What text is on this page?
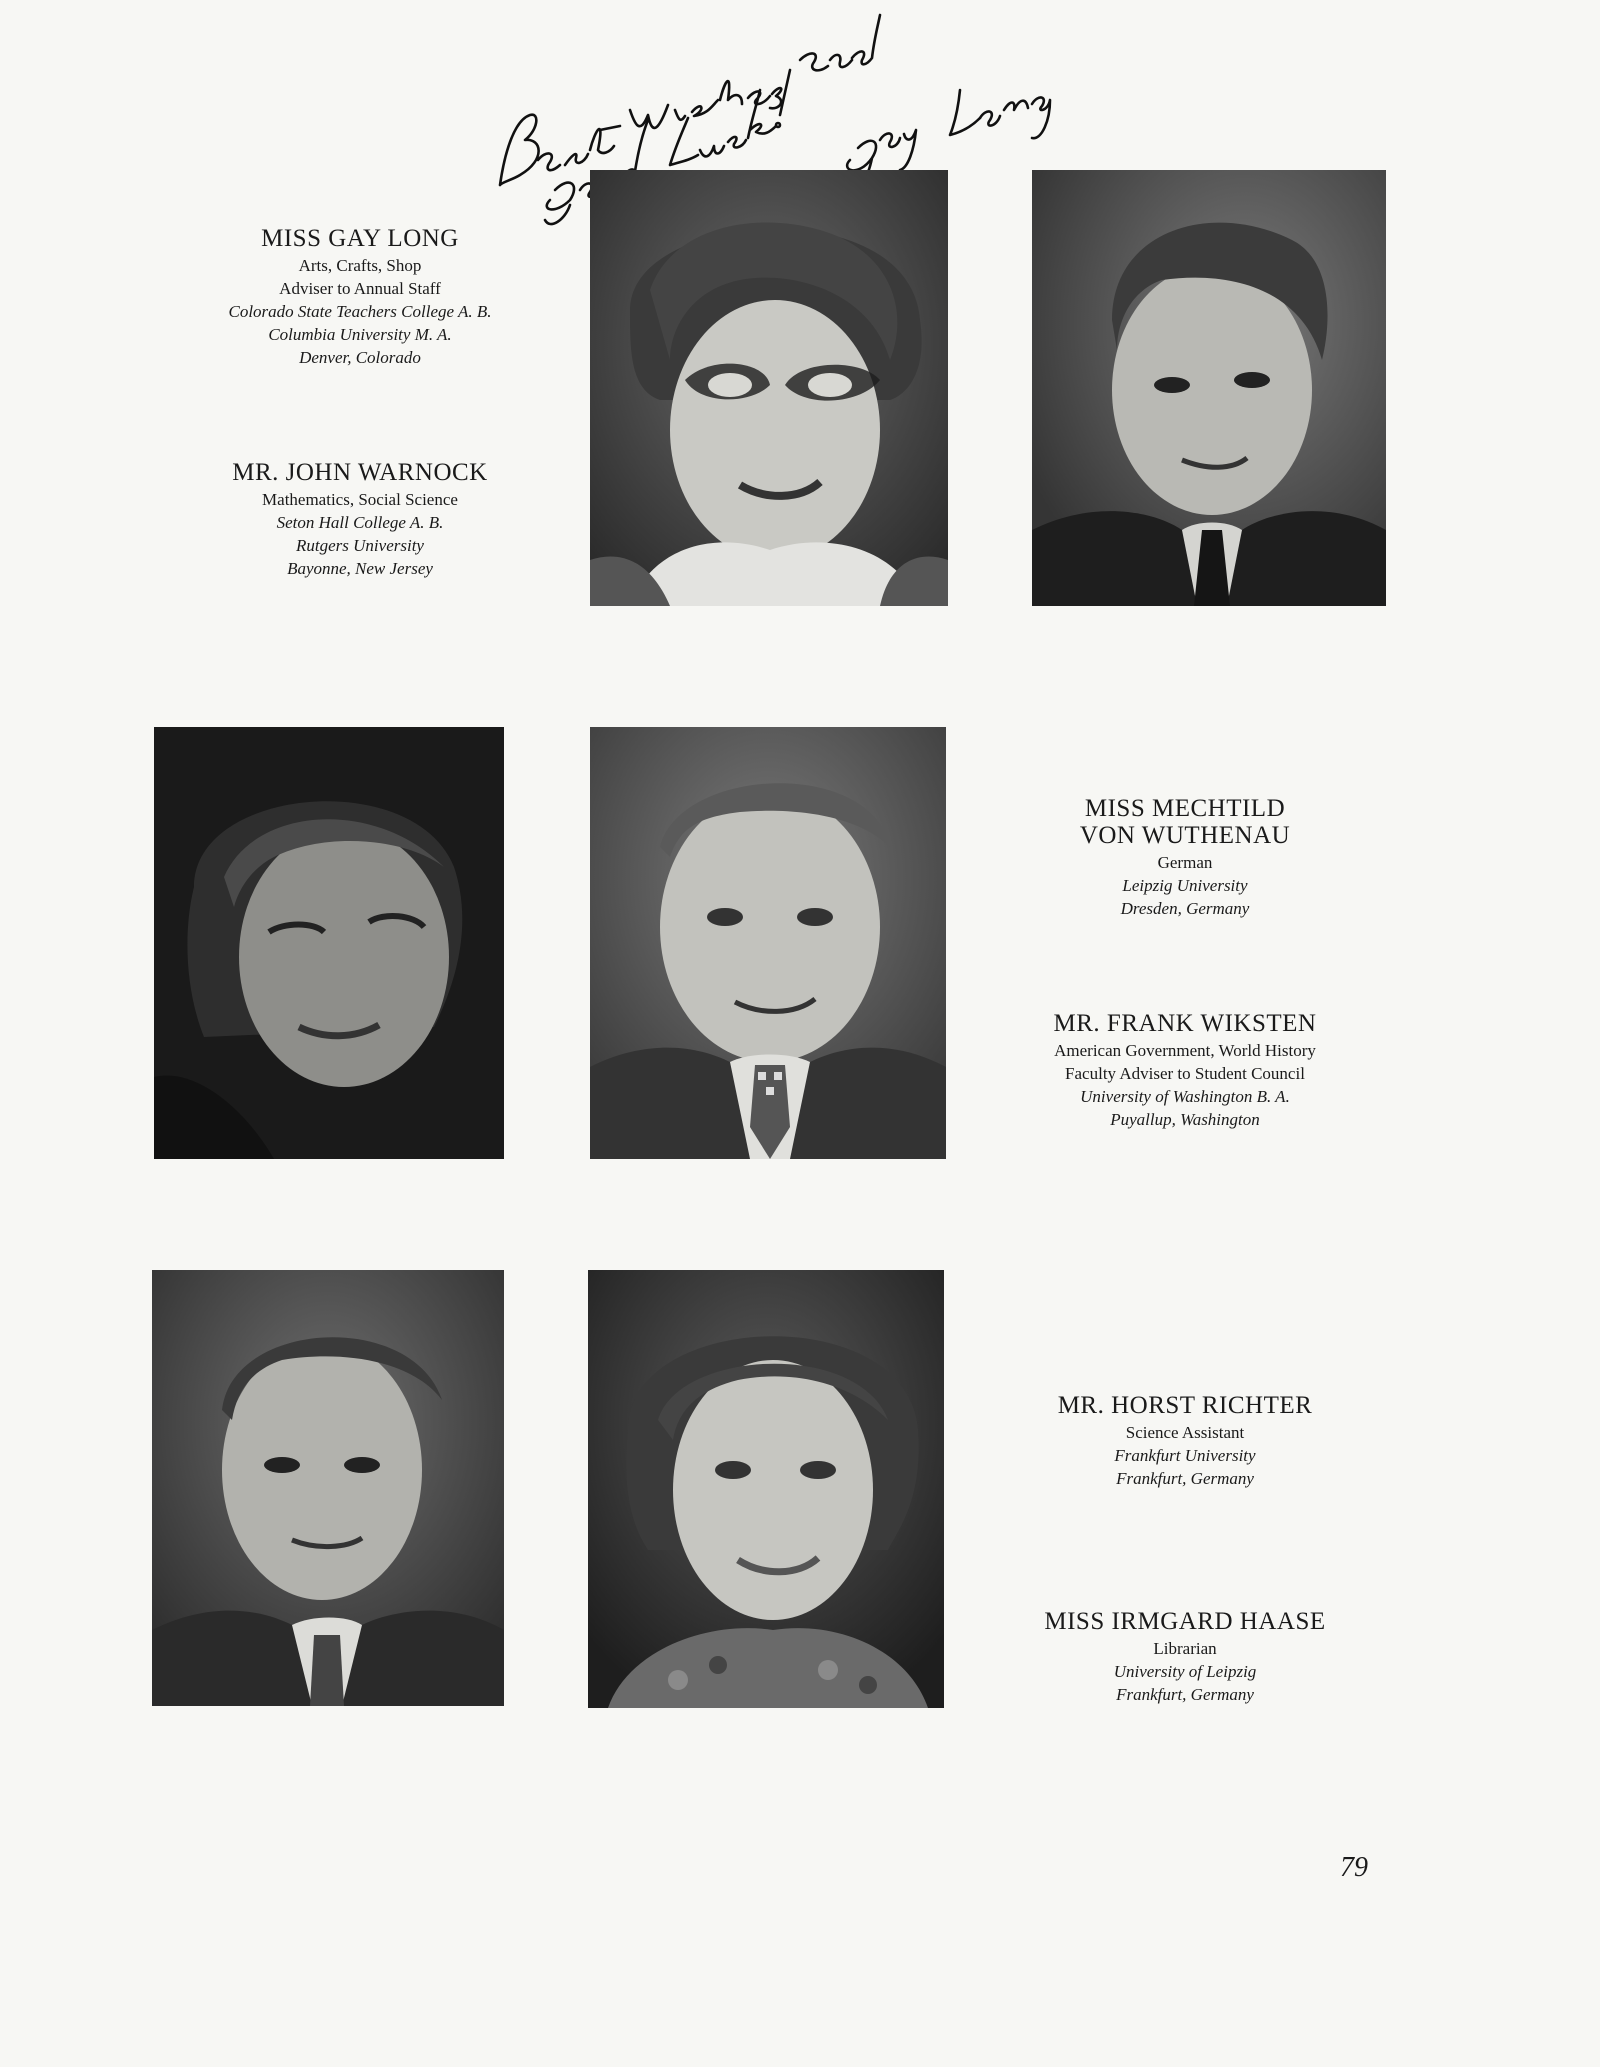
MISS GAY LONG
Arts, Crafts, Shop
Adviser to Annual Staff
Colorado State Teachers College A. B.
Columbia University M. A.
Denver, Colorado
MR. JOHN WARNOCK
Mathematics, Social Science
Seton Hall College A. B.
Rutgers University
Bayonne, New Jersey
MISS MECHTILD
VON WUTHENAU
German
Leipzig University
Dresden, Germany
MR. FRANK WIKSTEN
American Government, World History
Faculty Adviser to Student Council
University of Washington B. A.
Puyallup, Washington
MR. HORST RICHTER
Science Assistant
Frankfurt University
Frankfurt, Germany
MISS IRMGARD HAASE
Librarian
University of Leipzig
Frankfurt, Germany
79
